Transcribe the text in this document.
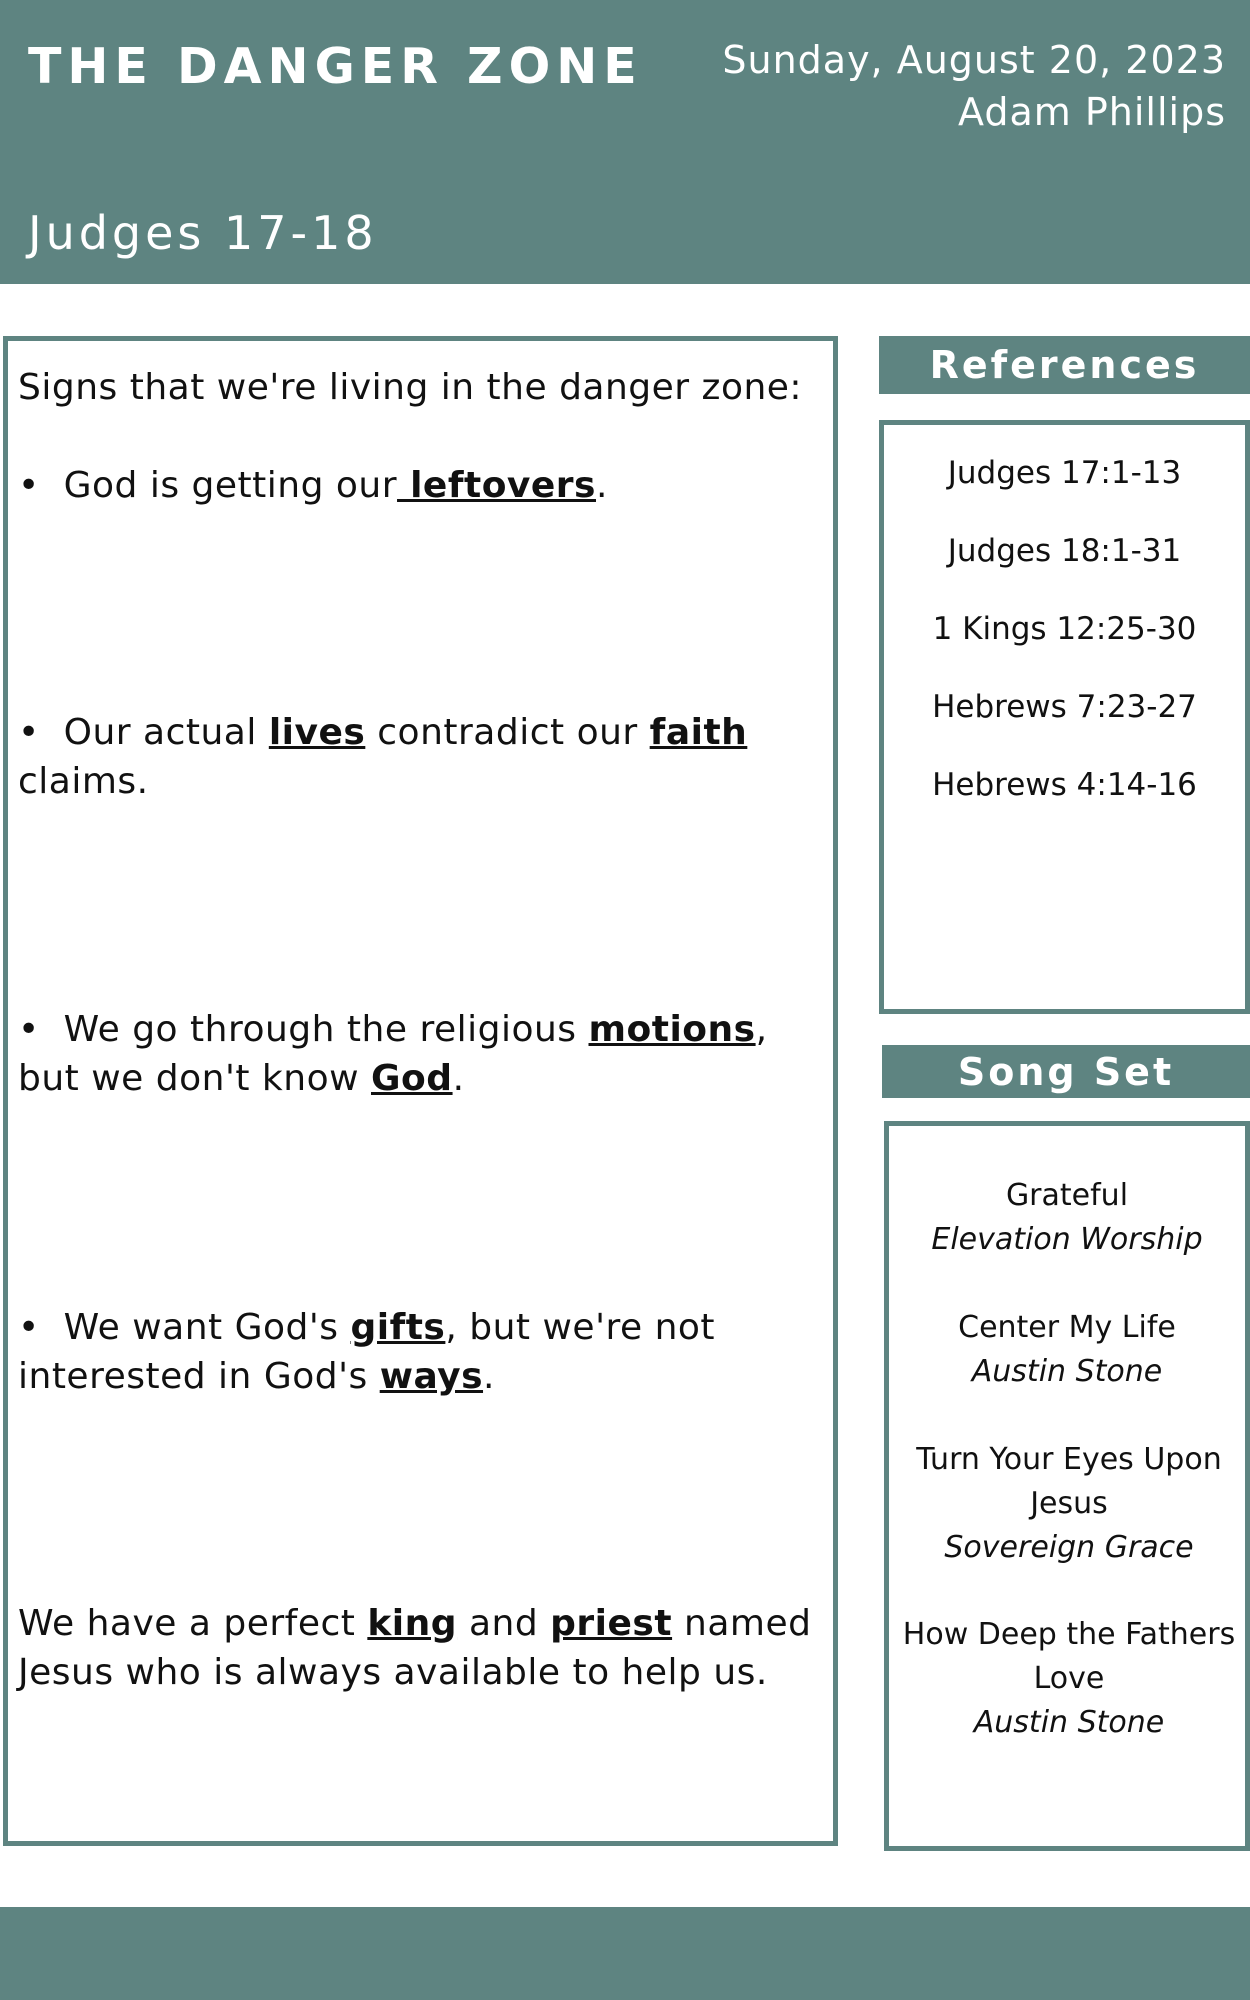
THE DANGER ZONE Sunday, August 20, 2023
Adam Phillips
Judges 17-18

Signs that we're living in the danger zone:

• God is getting our leftovers.

• Our actual lives contradict our faith claims.

• We go through the religious motions, but we don't know God.

• We want God's gifts, but we're not interested in God's ways.

We have a perfect king and priest named Jesus who is always available to help us.

References
Judges 17:1-13
Judges 18:1-31
1 Kings 12:25-30
Hebrews 7:23-27
Hebrews 4:14-16
Song Set
Grateful
Elevation Worship
Center My Life
Austin Stone
Turn Your Eyes Upon Jesus
Sovereign Grace
How Deep the Fathers Love
Austin Stone
